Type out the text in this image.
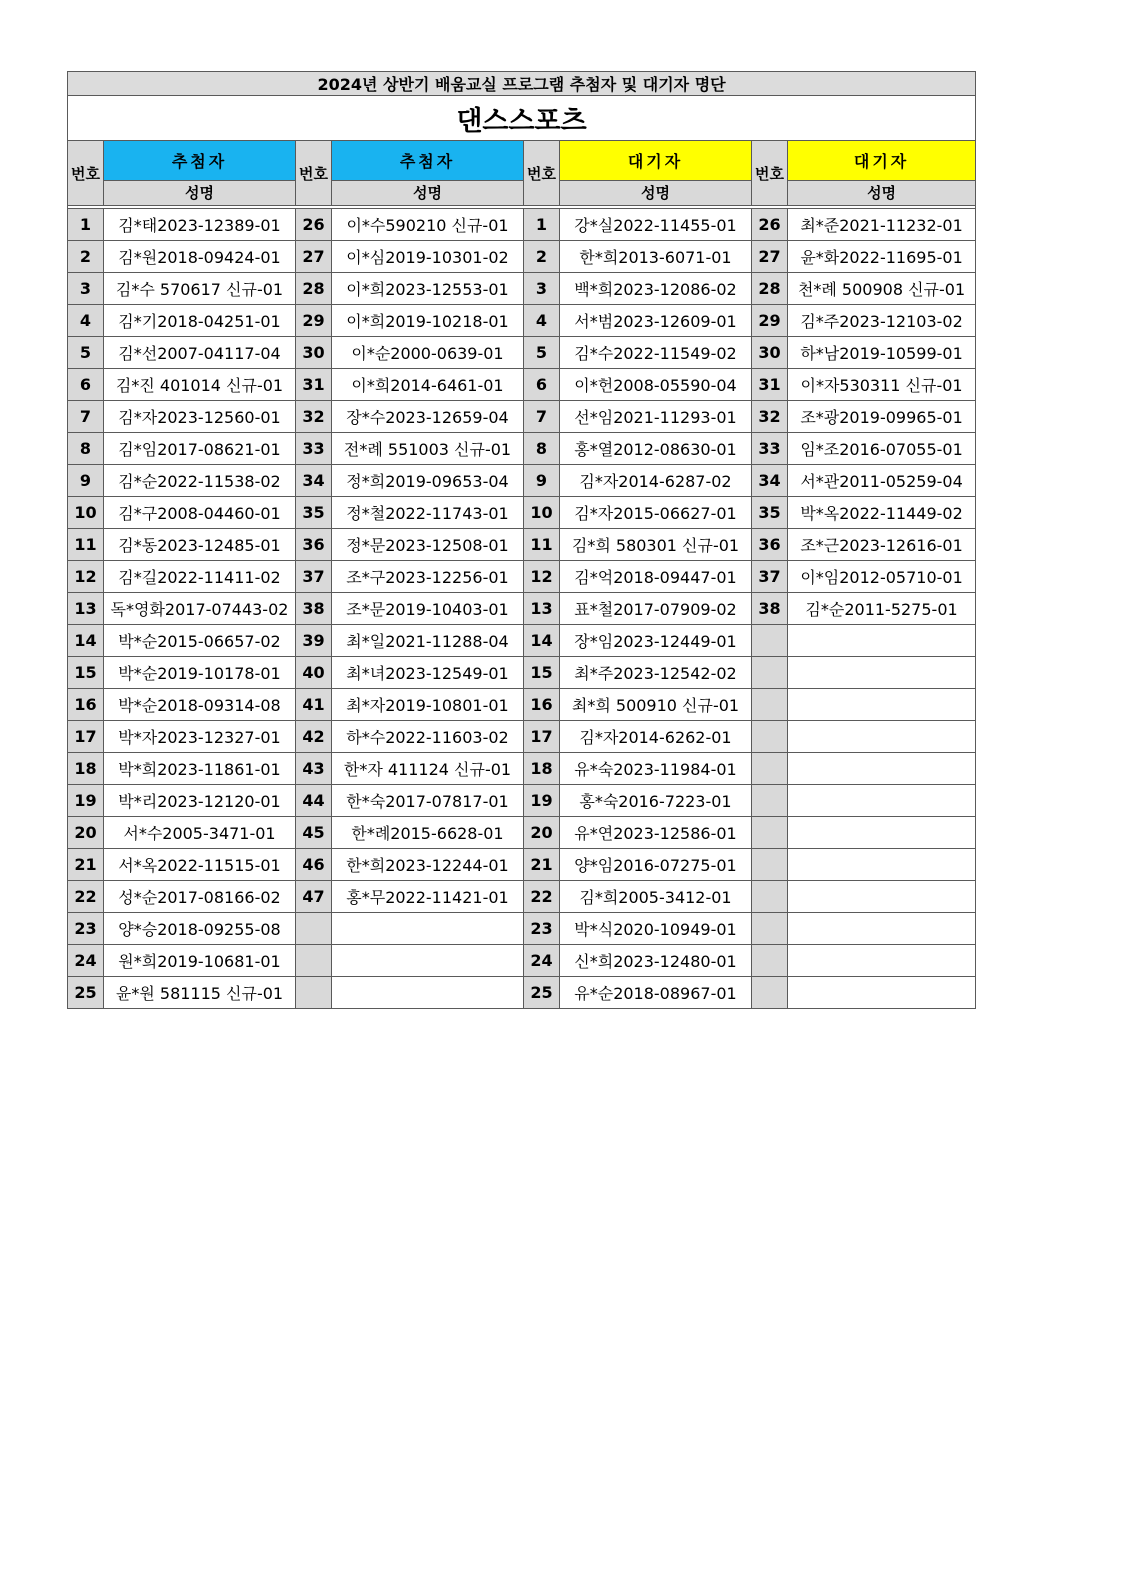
2024년 상반기 배움교실 프로그램 추첨자 및 대기자 명단							
댄스스포츠							
번호	추첨자	번호	추첨자	번호	대기자	번호	대기자
	성명		성명		성명		성명

1	김*태2023-12389-01	26	이*수590210 신규-01	1	강*실2022-11455-01	26	최*준2021-11232-01
2	김*원2018-09424-01	27	이*심2019-10301-02	2	한*희2013-6071-01	27	윤*화2022-11695-01
3	김*수 570617 신규-01	28	이*희2023-12553-01	3	백*희2023-12086-02	28	천*례 500908 신규-01
4	김*기2018-04251-01	29	이*희2019-10218-01	4	서*범2023-12609-01	29	김*주2023-12103-02
5	김*선2007-04117-04	30	이*순2000-0639-01	5	김*수2022-11549-02	30	하*남2019-10599-01
6	김*진 401014 신규-01	31	이*희2014-6461-01	6	이*헌2008-05590-04	31	이*자530311 신규-01
7	김*자2023-12560-01	32	장*수2023-12659-04	7	선*임2021-11293-01	32	조*광2019-09965-01
8	김*임2017-08621-01	33	전*례 551003 신규-01	8	홍*열2012-08630-01	33	임*조2016-07055-01
9	김*순2022-11538-02	34	정*희2019-09653-04	9	김*자2014-6287-02	34	서*관2011-05259-04
10	김*구2008-04460-01	35	정*철2022-11743-01	10	김*자2015-06627-01	35	박*옥2022-11449-02
11	김*동2023-12485-01	36	정*문2023-12508-01	11	김*희 580301 신규-01	36	조*근2023-12616-01
12	김*길2022-11411-02	37	조*구2023-12256-01	12	김*억2018-09447-01	37	이*임2012-05710-01
13	독*영화2017-07443-02	38	조*문2019-10403-01	13	표*철2017-07909-02	38	김*순2011-5275-01
14	박*순2015-06657-02	39	최*일2021-11288-04	14	장*임2023-12449-01		
15	박*순2019-10178-01	40	최*녀2023-12549-01	15	최*주2023-12542-02		
16	박*순2018-09314-08	41	최*자2019-10801-01	16	최*희 500910 신규-01		
17	박*자2023-12327-01	42	하*수2022-11603-02	17	김*자2014-6262-01		
18	박*희2023-11861-01	43	한*자 411124 신규-01	18	유*숙2023-11984-01		
19	박*리2023-12120-01	44	한*숙2017-07817-01	19	홍*숙2016-7223-01		
20	서*수2005-3471-01	45	한*례2015-6628-01	20	유*연2023-12586-01		
21	서*옥2022-11515-01	46	한*희2023-12244-01	21	양*임2016-07275-01		
22	성*순2017-08166-02	47	홍*무2022-11421-01	22	김*희2005-3412-01		
23	양*승2018-09255-08			23	박*식2020-10949-01		
24	원*희2019-10681-01			24	신*희2023-12480-01		
25	윤*원 581115 신규-01			25	유*순2018-08967-01		
